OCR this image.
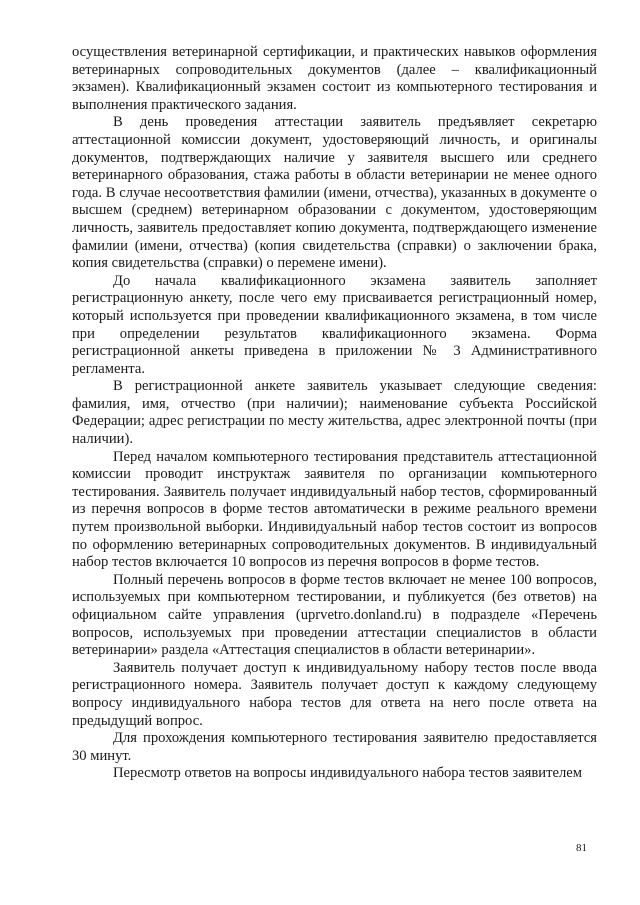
осуществления ветеринарной сертификации, и практических навыков оформления ветеринарных сопроводительных документов (далее – квалификационный экзамен). Квалификационный экзамен состоит из компьютерного тестирования и выполнения практического задания.

В день проведения аттестации заявитель предъявляет секретарю аттестационной комиссии документ, удостоверяющий личность, и оригиналы документов, подтверждающих наличие у заявителя высшего или среднего ветеринарного образования, стажа работы в области ветеринарии не менее одного года. В случае несоответствия фамилии (имени, отчества), указанных в документе о высшем (среднем) ветеринарном образовании с документом, удостоверяющим личность, заявитель предоставляет копию документа, подтверждающего изменение фамилии (имени, отчества) (копия свидетельства (справки) о заключении брака, копия свидетельства (справки) о перемене имени).

До начала квалификационного экзамена заявитель заполняет регистрационную анкету, после чего ему присваивается регистрационный номер, который используется при проведении квалификационного экзамена, в том числе при определении результатов квалификационного экзамена. Форма регистрационной анкеты приведена в приложении № 3 Административного регламента.

В регистрационной анкете заявитель указывает следующие сведения: фамилия, имя, отчество (при наличии); наименование субъекта Российской Федерации; адрес регистрации по месту жительства, адрес электронной почты (при наличии).

Перед началом компьютерного тестирования представитель аттестационной комиссии проводит инструктаж заявителя по организации компьютерного тестирования. Заявитель получает индивидуальный набор тестов, сформированный из перечня вопросов в форме тестов автоматически в режиме реального времени путем произвольной выборки. Индивидуальный набор тестов состоит из вопросов по оформлению ветеринарных сопроводительных документов. В индивидуальный набор тестов включается 10 вопросов из перечня вопросов в форме тестов.

Полный перечень вопросов в форме тестов включает не менее 100 вопросов, используемых при компьютерном тестировании, и публикуется (без ответов) на официальном сайте управления (uprvetro.donland.ru) в подразделе «Перечень вопросов, используемых при проведении аттестации специалистов в области ветеринарии» раздела «Аттестация специалистов в области ветеринарии».

Заявитель получает доступ к индивидуальному набору тестов после ввода регистрационного номера. Заявитель получает доступ к каждому следующему вопросу индивидуального набора тестов для ответа на него после ответа на предыдущий вопрос.

Для прохождения компьютерного тестирования заявителю предоставляется 30 минут.

Пересмотр ответов на вопросы индивидуального набора тестов заявителем

81
